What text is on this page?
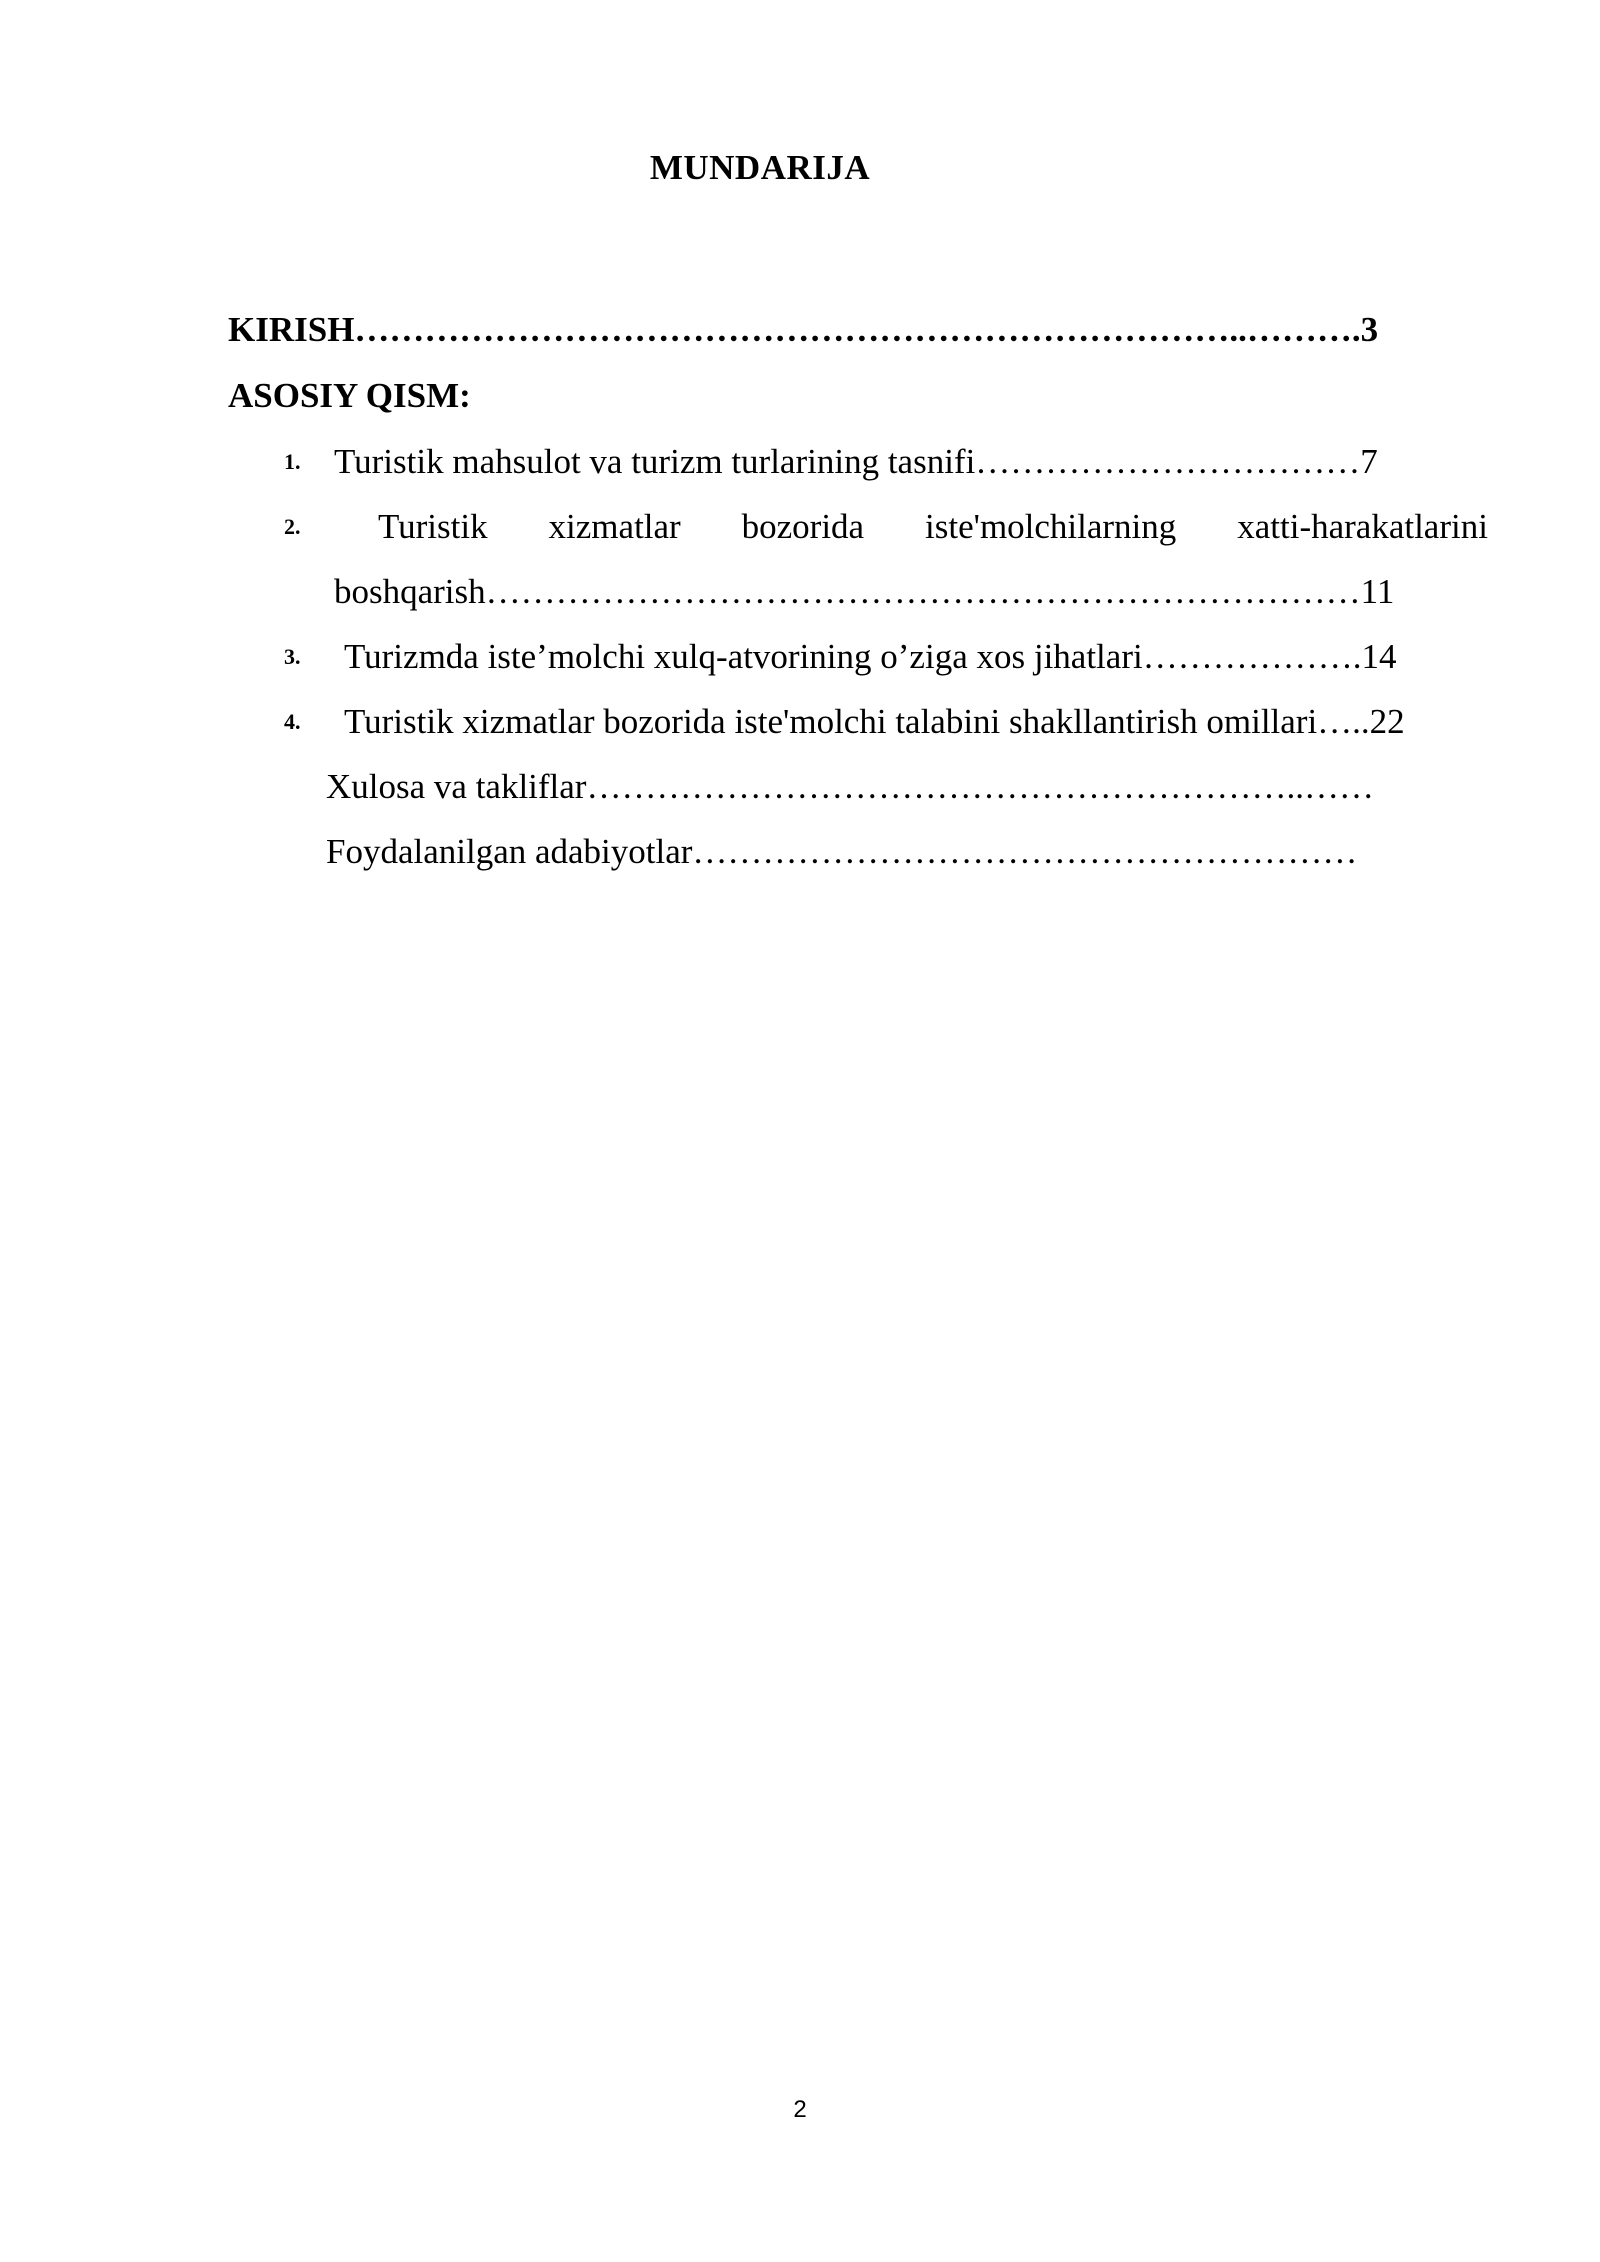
MUNDARIJA
KIRISH…………………………………………………………………..……….3
ASOSIY QISM:
1. Turistik mahsulot va turizm turlarining tasnifi……………………………7
2. Turistik xizmatlar bozorida iste'molchilarning xatti-harakatlarini
boshqarish…………………………………………………………………11
3. Turizmda iste’molchi xulq-atvorining o’ziga xos jihatlari……………….14
4. Turistik xizmatlar bozorida iste'molchi talabini shakllantirish omillari…..22
Xulosa va takliflar……………………………………………………..……
Foydalanilgan adabiyotlar…………………………………………………
2
